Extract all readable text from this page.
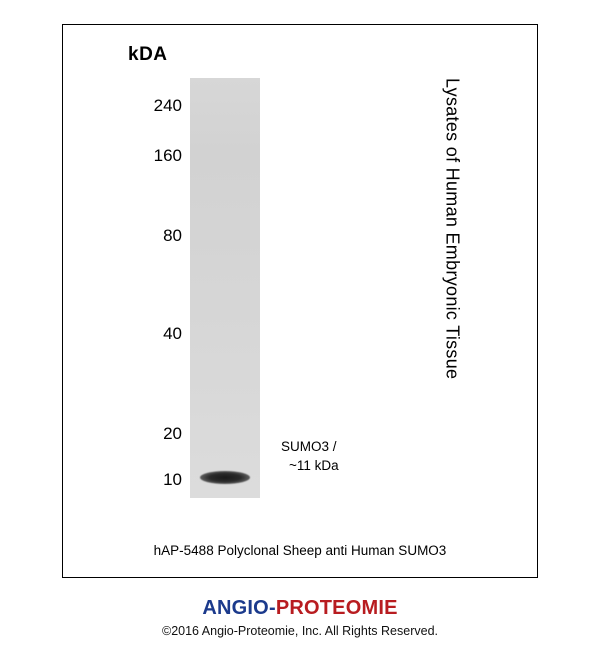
kDA
240
160
80
40
20
10
SUMO3 /
~11 kDa
Lysates of Human Embryonic Tissue
hAP-5488 Polyclonal Sheep anti Human SUMO3
ANGIO-PROTEOMIE
©2016 Angio-Proteomie, Inc. All Rights Reserved.
